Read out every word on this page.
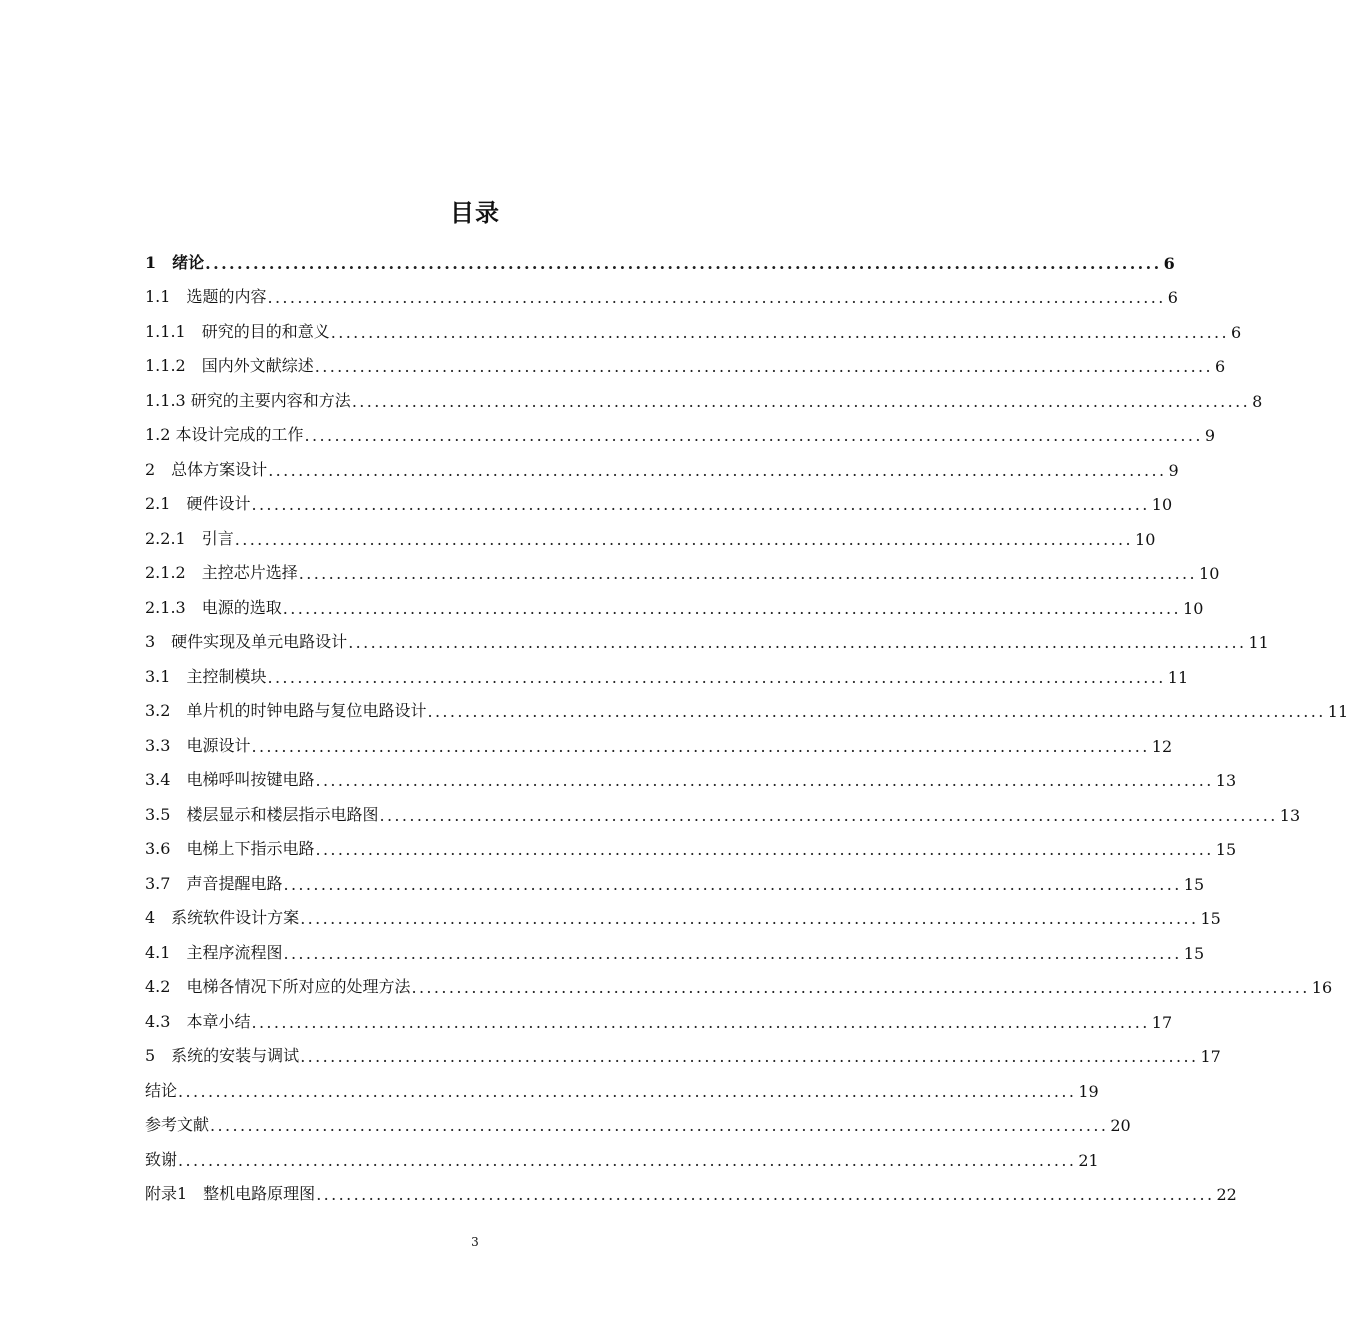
目录
1　绪论 ........................................................................................................................ 6
1.1　选题的内容 ........................................................................................................................ 6
1.1.1　研究的目的和意义 ........................................................................................................................ 6
1.1.2　国内外文献综述 ........................................................................................................................ 6
1.1.3 研究的主要内容和方法 ........................................................................................................................ 8
1.2 本设计完成的工作 ........................................................................................................................ 9
2　总体方案设计 ........................................................................................................................ 9
2.1　硬件设计 ........................................................................................................................ 10
2.2.1　引言 ........................................................................................................................ 10
2.1.2　主控芯片选择 ........................................................................................................................ 10
2.1.3　电源的选取 ........................................................................................................................ 10
3　硬件实现及单元电路设计 ........................................................................................................................ 11
3.1　主控制模块 ........................................................................................................................ 11
3.2　单片机的时钟电路与复位电路设计 ........................................................................................................................ 11
3.3　电源设计 ........................................................................................................................ 12
3.4　电梯呼叫按键电路 ........................................................................................................................ 13
3.5　楼层显示和楼层指示电路图 ........................................................................................................................ 13
3.6　电梯上下指示电路 ........................................................................................................................ 15
3.7　声音提醒电路 ........................................................................................................................ 15
4　系统软件设计方案 ........................................................................................................................ 15
4.1　主程序流程图 ........................................................................................................................ 15
4.2　电梯各情况下所对应的处理方法 ........................................................................................................................ 16
4.3　本章小结 ........................................................................................................................ 17
5　系统的安装与调试 ........................................................................................................................ 17
结论 ........................................................................................................................ 19
参考文献 ........................................................................................................................ 20
致谢 ........................................................................................................................ 21
附录1　整机电路原理图 ........................................................................................................................ 22
3
